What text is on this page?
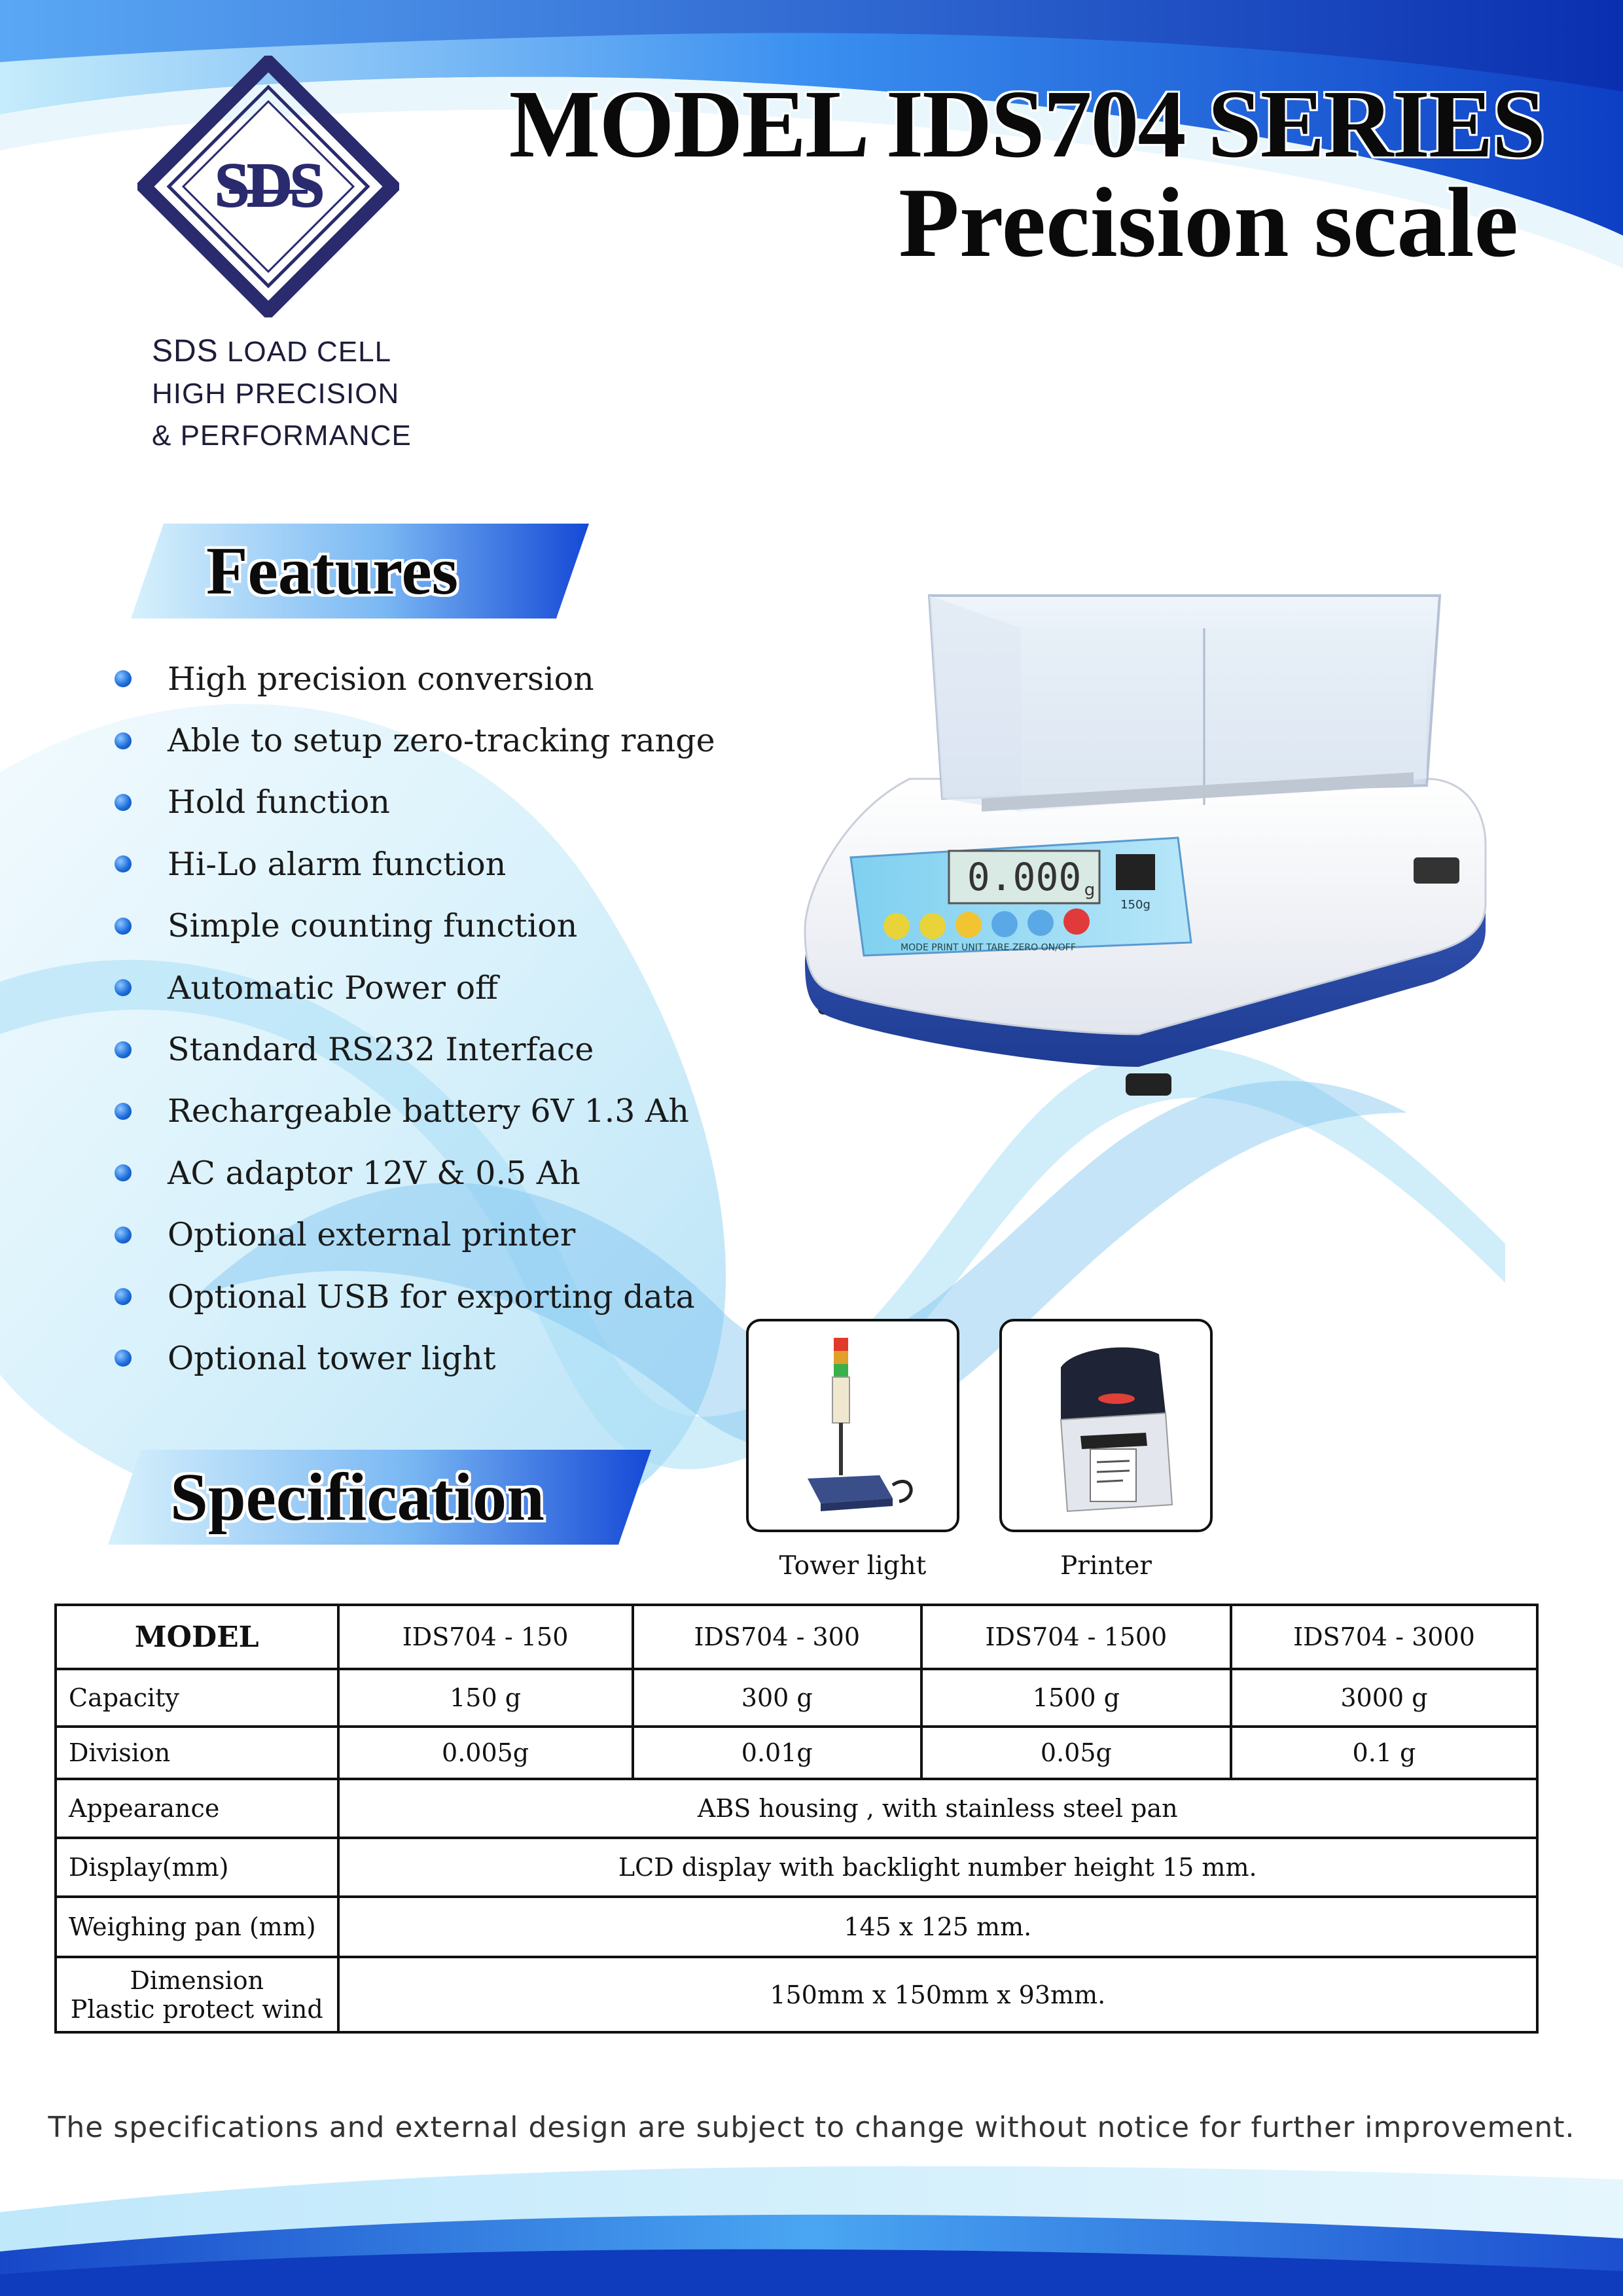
SDS
SDS LOAD CELL
HIGH PRECISION
& PERFORMANCE
MODEL IDS704 SERIES
Precision scale
Features
High precision conversion
Able to setup zero-tracking range
Hold function
Hi-Lo alarm function
Simple counting function
Automatic Power off
Standard RS232 Interface
Rechargeable battery 6V 1.3 Ah
AC adaptor 12V & 0.5 Ah
Optional external printer
Optional USB for exporting data
Optional tower light
0.000 g
150g
MODE PRINT UNIT TARE ZERO ON/OFF
Tower light	Printer
Specification
MODEL	IDS704 - 150	IDS704 - 300	IDS704 - 1500	IDS704 - 3000
Capacity	150 g	300 g	1500 g	3000 g
Division	0.005g	0.01g	0.05g	0.1 g
Appearance	ABS housing , with stainless steel pan			
Display(mm)	LCD display with backlight number height 15 mm.			
Weighing pan (mm)	145 x 125 mm.			

Dimension
Plastic protect wind	150mm x 150mm x 93mm.			
The specifications and external design are subject to change without notice for further improvement.
